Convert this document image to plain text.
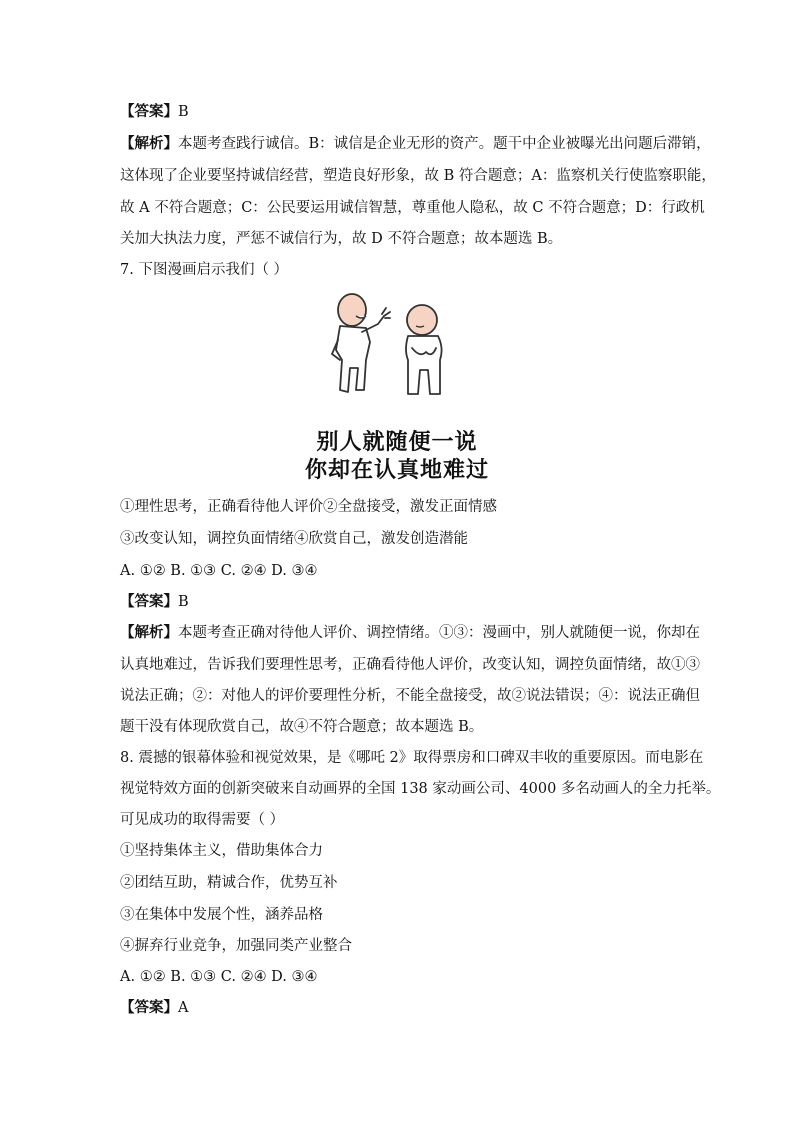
【答案】B
【解析】本题考查践行诚信。B：诚信是企业无形的资产。题干中企业被曝光出问题后滞销，
这体现了企业要坚持诚信经营，塑造良好形象，故 B 符合题意；A：监察机关行使监察职能，
故 A 不符合题意；C：公民要运用诚信智慧，尊重他人隐私，故 C 不符合题意；D：行政机
关加大执法力度，严惩不诚信行为，故 D 不符合题意；故本题选 B。
7. 下图漫画启示我们（ ）
别人就随便一说
你却在认真地难过
①理性思考，正确看待他人评价②全盘接受，激发正面情感
③改变认知，调控负面情绪④欣赏自己，激发创造潜能
A. ①② B. ①③ C. ②④ D. ③④
【答案】B
【解析】本题考查正确对待他人评价、调控情绪。①③：漫画中，别人就随便一说，你却在
认真地难过，告诉我们要理性思考，正确看待他人评价，改变认知，调控负面情绪，故①③
说法正确；②：对他人的评价要理性分析，不能全盘接受，故②说法错误；④：说法正确但
题干没有体现欣赏自己，故④不符合题意；故本题选 B。
8. 震撼的银幕体验和视觉效果，是《哪吒 2》取得票房和口碑双丰收的重要原因。而电影在
视觉特效方面的创新突破来自动画界的全国 138 家动画公司、4000 多名动画人的全力托举。
可见成功的取得需要（ ）
①坚持集体主义，借助集体合力
②团结互助，精诚合作，优势互补
③在集体中发展个性，涵养品格
④摒弃行业竞争，加强同类产业整合
A. ①② B. ①③ C. ②④ D. ③④
【答案】A
